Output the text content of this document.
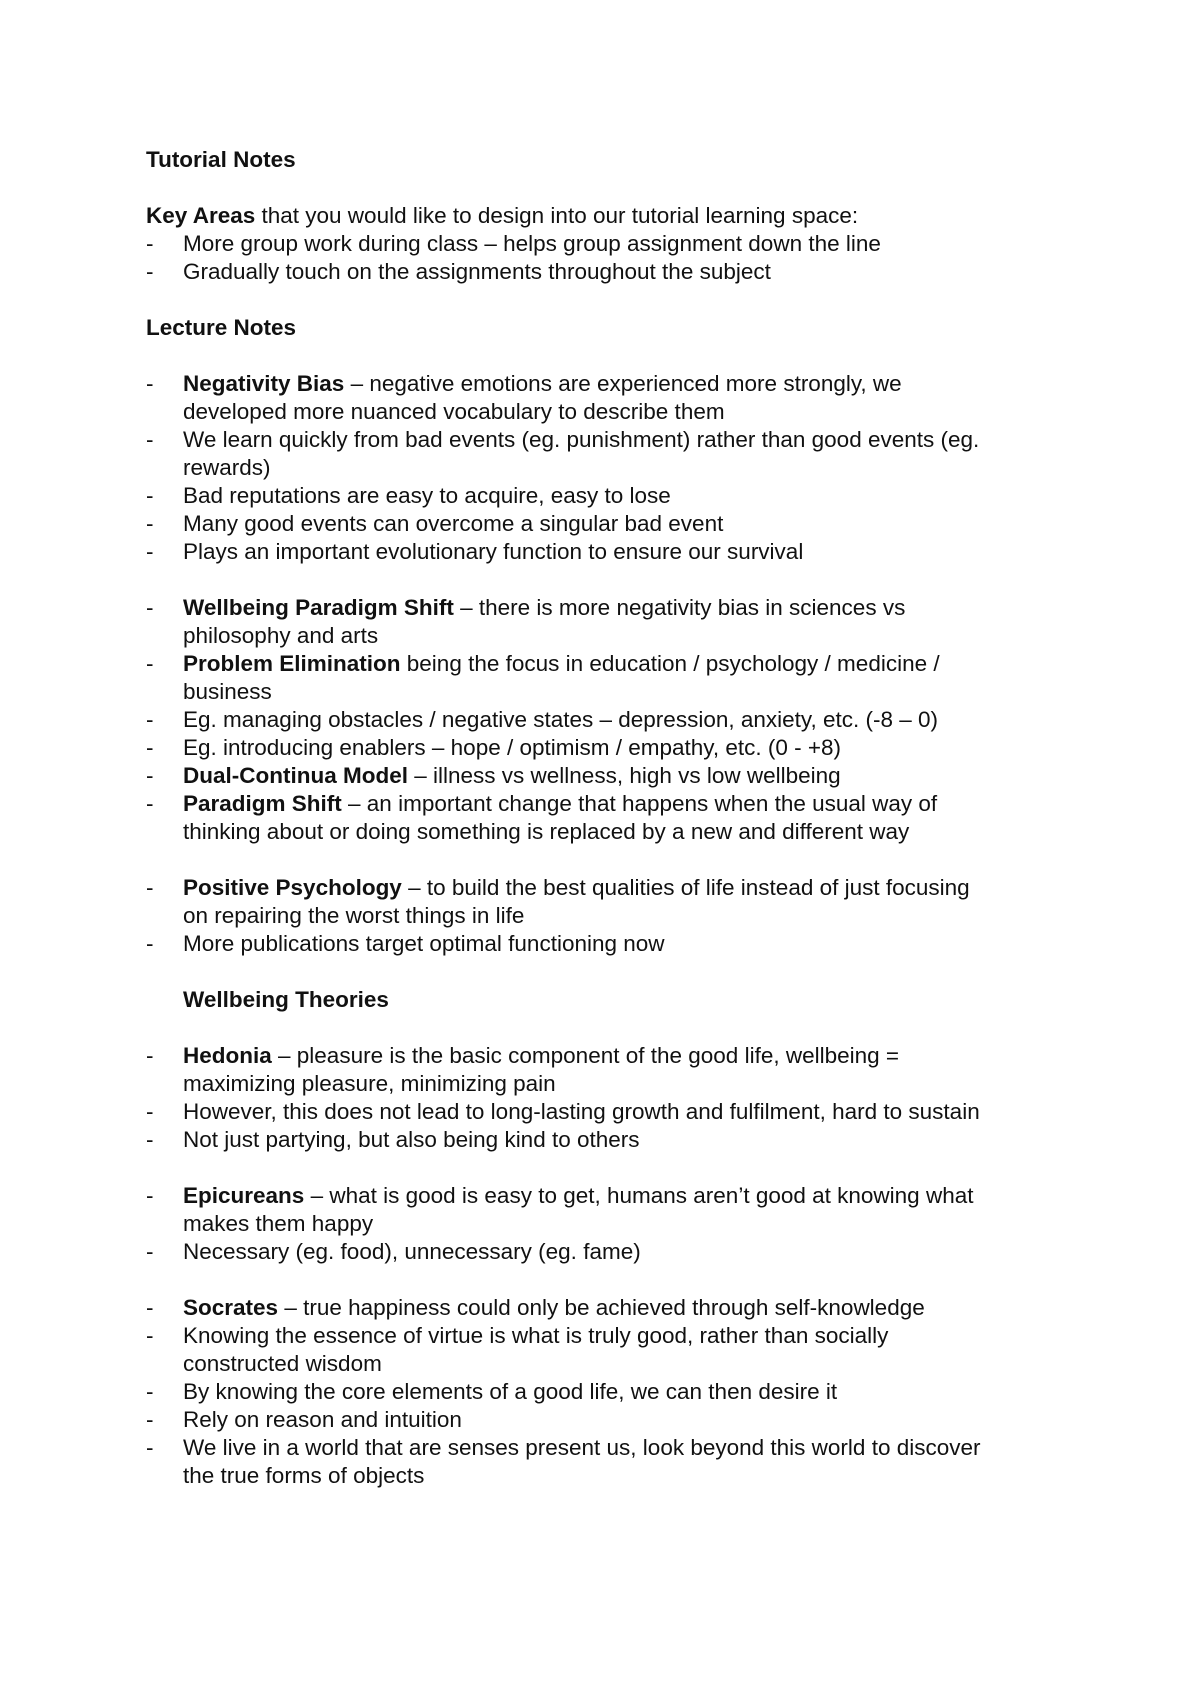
Tutorial Notes
Key Areas that you would like to design into our tutorial learning space:
- More group work during class – helps group assignment down the line
- Gradually touch on the assignments throughout the subject
Lecture Notes
- Negativity Bias – negative emotions are experienced more strongly, we
developed more nuanced vocabulary to describe them
- We learn quickly from bad events (eg. punishment) rather than good events (eg.
rewards)
- Bad reputations are easy to acquire, easy to lose
- Many good events can overcome a singular bad event
- Plays an important evolutionary function to ensure our survival
- Wellbeing Paradigm Shift – there is more negativity bias in sciences vs
philosophy and arts
- Problem Elimination being the focus in education / psychology / medicine /
business
- Eg. managing obstacles / negative states – depression, anxiety, etc. (-8 – 0)
- Eg. introducing enablers – hope / optimism / empathy, etc. (0 - +8)
- Dual-Continua Model – illness vs wellness, high vs low wellbeing
- Paradigm Shift – an important change that happens when the usual way of
thinking about or doing something is replaced by a new and different way
- Positive Psychology – to build the best qualities of life instead of just focusing
on repairing the worst things in life
- More publications target optimal functioning now
Wellbeing Theories
- Hedonia – pleasure is the basic component of the good life, wellbeing =
maximizing pleasure, minimizing pain
- However, this does not lead to long-lasting growth and fulfilment, hard to sustain
- Not just partying, but also being kind to others
- Epicureans – what is good is easy to get, humans aren’t good at knowing what
makes them happy
- Necessary (eg. food), unnecessary (eg. fame)
- Socrates – true happiness could only be achieved through self-knowledge
- Knowing the essence of virtue is what is truly good, rather than socially
constructed wisdom
- By knowing the core elements of a good life, we can then desire it
- Rely on reason and intuition
- We live in a world that are senses present us, look beyond this world to discover
the true forms of objects
